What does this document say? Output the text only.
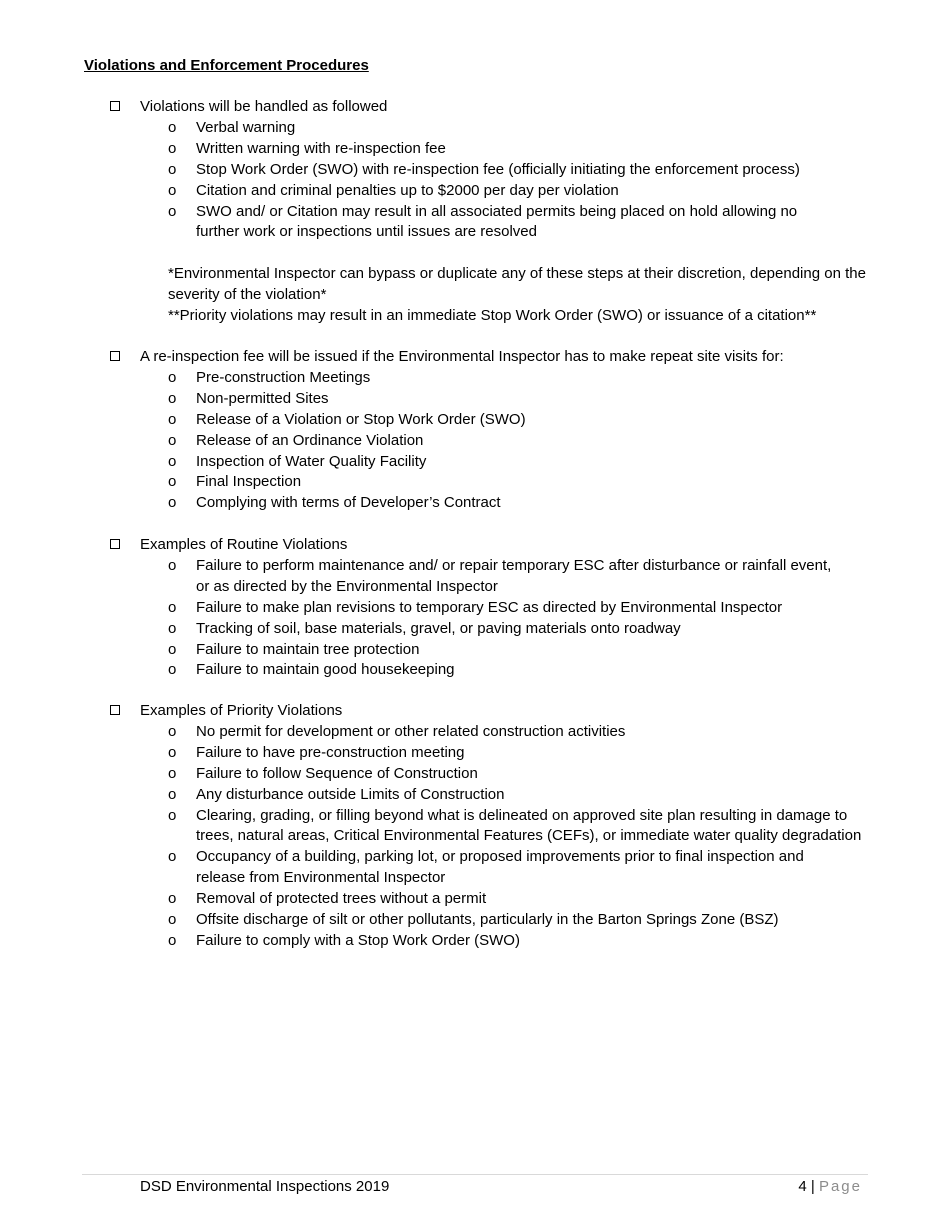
Violations and Enforcement Procedures
Violations will be handled as followed
o Verbal warning
o Written warning with re-inspection fee
o Stop Work Order (SWO) with re-inspection fee (officially initiating the enforcement process)
o Citation and criminal penalties up to $2000 per day per violation
o SWO and/ or Citation may result in all associated permits being placed on hold allowing no further work or inspections until issues are resolved

*Environmental Inspector can bypass or duplicate any of these steps at their discretion, depending on the severity of the violation*

**Priority violations may result in an immediate Stop Work Order (SWO) or issuance of a citation**

A re-inspection fee will be issued if the Environmental Inspector has to make repeat site visits for:
o Pre-construction Meetings
o Non-permitted Sites
o Release of a Violation or Stop Work Order (SWO)
o Release of an Ordinance Violation
o Inspection of Water Quality Facility
o Final Inspection
o Complying with terms of Developer’s Contract
Examples of Routine Violations
o Failure to perform maintenance and/ or repair temporary ESC after disturbance or rainfall event, or as directed by the Environmental Inspector
o Failure to make plan revisions to temporary ESC as directed by Environmental Inspector
o Tracking of soil, base materials, gravel, or paving materials onto roadway
o Failure to maintain tree protection
o Failure to maintain good housekeeping
Examples of Priority Violations
o No permit for development or other related construction activities
o Failure to have pre-construction meeting
o Failure to follow Sequence of Construction
o Any disturbance outside Limits of Construction
o Clearing, grading, or filling beyond what is delineated on approved site plan resulting in damage to trees, natural areas, Critical Environmental Features (CEFs), or immediate water quality degradation
o Occupancy of a building, parking lot, or proposed improvements prior to final inspection and release from Environmental Inspector
o Removal of protected trees without a permit
o Offsite discharge of silt or other pollutants, particularly in the Barton Springs Zone (BSZ)
o Failure to comply with a Stop Work Order (SWO)
DSD Environmental Inspections 2019	4 | Page
